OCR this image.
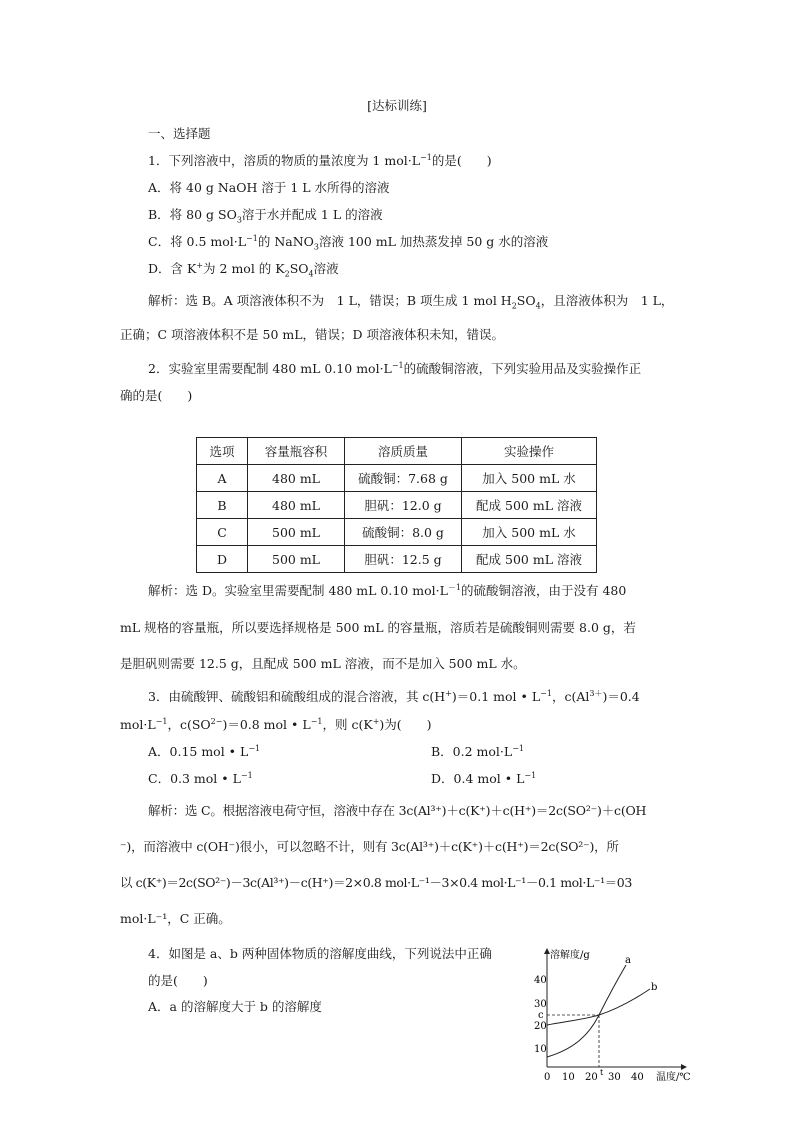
[达标训练]
一、选择题
1．下列溶液中，溶质的物质的量浓度为 1 $mol\cdot L^{-1}$的是(　　)
A．将 40 g NaOH 溶于 1 L 水所得的溶液
B．将 80 g $SO_3$溶于水并配成 1 L 的溶液
C．将 0.5 $mol\cdot L^{-1}$的 NaNO$_3$溶液 100 mL 加热蒸发掉 50 g 水的溶液
D．含 K+为 2 mol 的 $K_2SO_4$溶液
解析：选 B。A 项溶液体积不为　1 L，错误；B 项生成 1 mol $H_2SO_4$，且溶液体积为　1 L，
正确；C 项溶液体积不是 50 mL，错误；D 项溶液体积未知，错误。
2．实验室里需要配制 480 mL 0.10 $mol\cdot L^{-1}$的硫酸铜溶液，下列实验用品及实验操作正
确的是(　　)
选项	容量瓶容积	溶质质量	实验操作
A	480 mL	硫酸铜：7.68 g	加入 500 mL 水
B	480 mL	胆矾：12.0 g	配成 500 mL 溶液
C	500 mL	硫酸铜：8.0 g	加入 500 mL 水
D	500 mL	胆矾：12.5 g	配成 500 mL 溶液
解析：选 D。实验室里需要配制 480 mL 0.10 $mol\cdot L^{-1}$的硫酸铜溶液，由于没有 480
mL 规格的容量瓶，所以要选择规格是 500 mL 的容量瓶，溶质若是硫酸铜则需要 8.0 g，若
是胆矾则需要 12.5 g，且配成 500 mL 溶液，而不是加入 500 mL 水。
3．由硫酸钾、硫酸铝和硫酸组成的混合溶液，其 c(H+)＝0.1 mol • $L^{-1}$，$c(Al^{3+})=0.4$
$mol\cdot L^{-1}$，$c(SO^{2-})=0.8$ mol • $L^{-1}$，则 c(K+)为(　　)
A．0.15 mol • $L^{-1}$	B．0.2 $mol\cdot L^{-1}$
C．0.3 mol • $L^{-1}$	D．0.4 mol • $L^{-1}$
解析：选 C。根据溶液电荷守恒，溶液中存在 3c(Al³⁺)＋c(K⁺)＋c(H⁺)＝2c(SO²⁻)＋c(OH
⁻)，而溶液中 c(OH⁻)很小，可以忽略不计，则有 3c(Al³⁺)＋c(K⁺)＋c(H⁺)＝2c(SO²⁻)，所
以 c(K⁺)＝2c(SO²⁻)－3c(Al³⁺)－c(H⁺)＝2×0.8 mol·L⁻¹－3×0.4 mol·L⁻¹－0.1 mol·L⁻¹＝03
mol·L⁻¹，C 正确。
4．如图是 a、b 两种固体物质的溶解度曲线，下列说法中正确
的是(　　)
A．a 的溶解度大于 b 的溶解度
溶解度/g
温度/℃
40
30
c
20
10
0 10 20 t 30 40
a
b
